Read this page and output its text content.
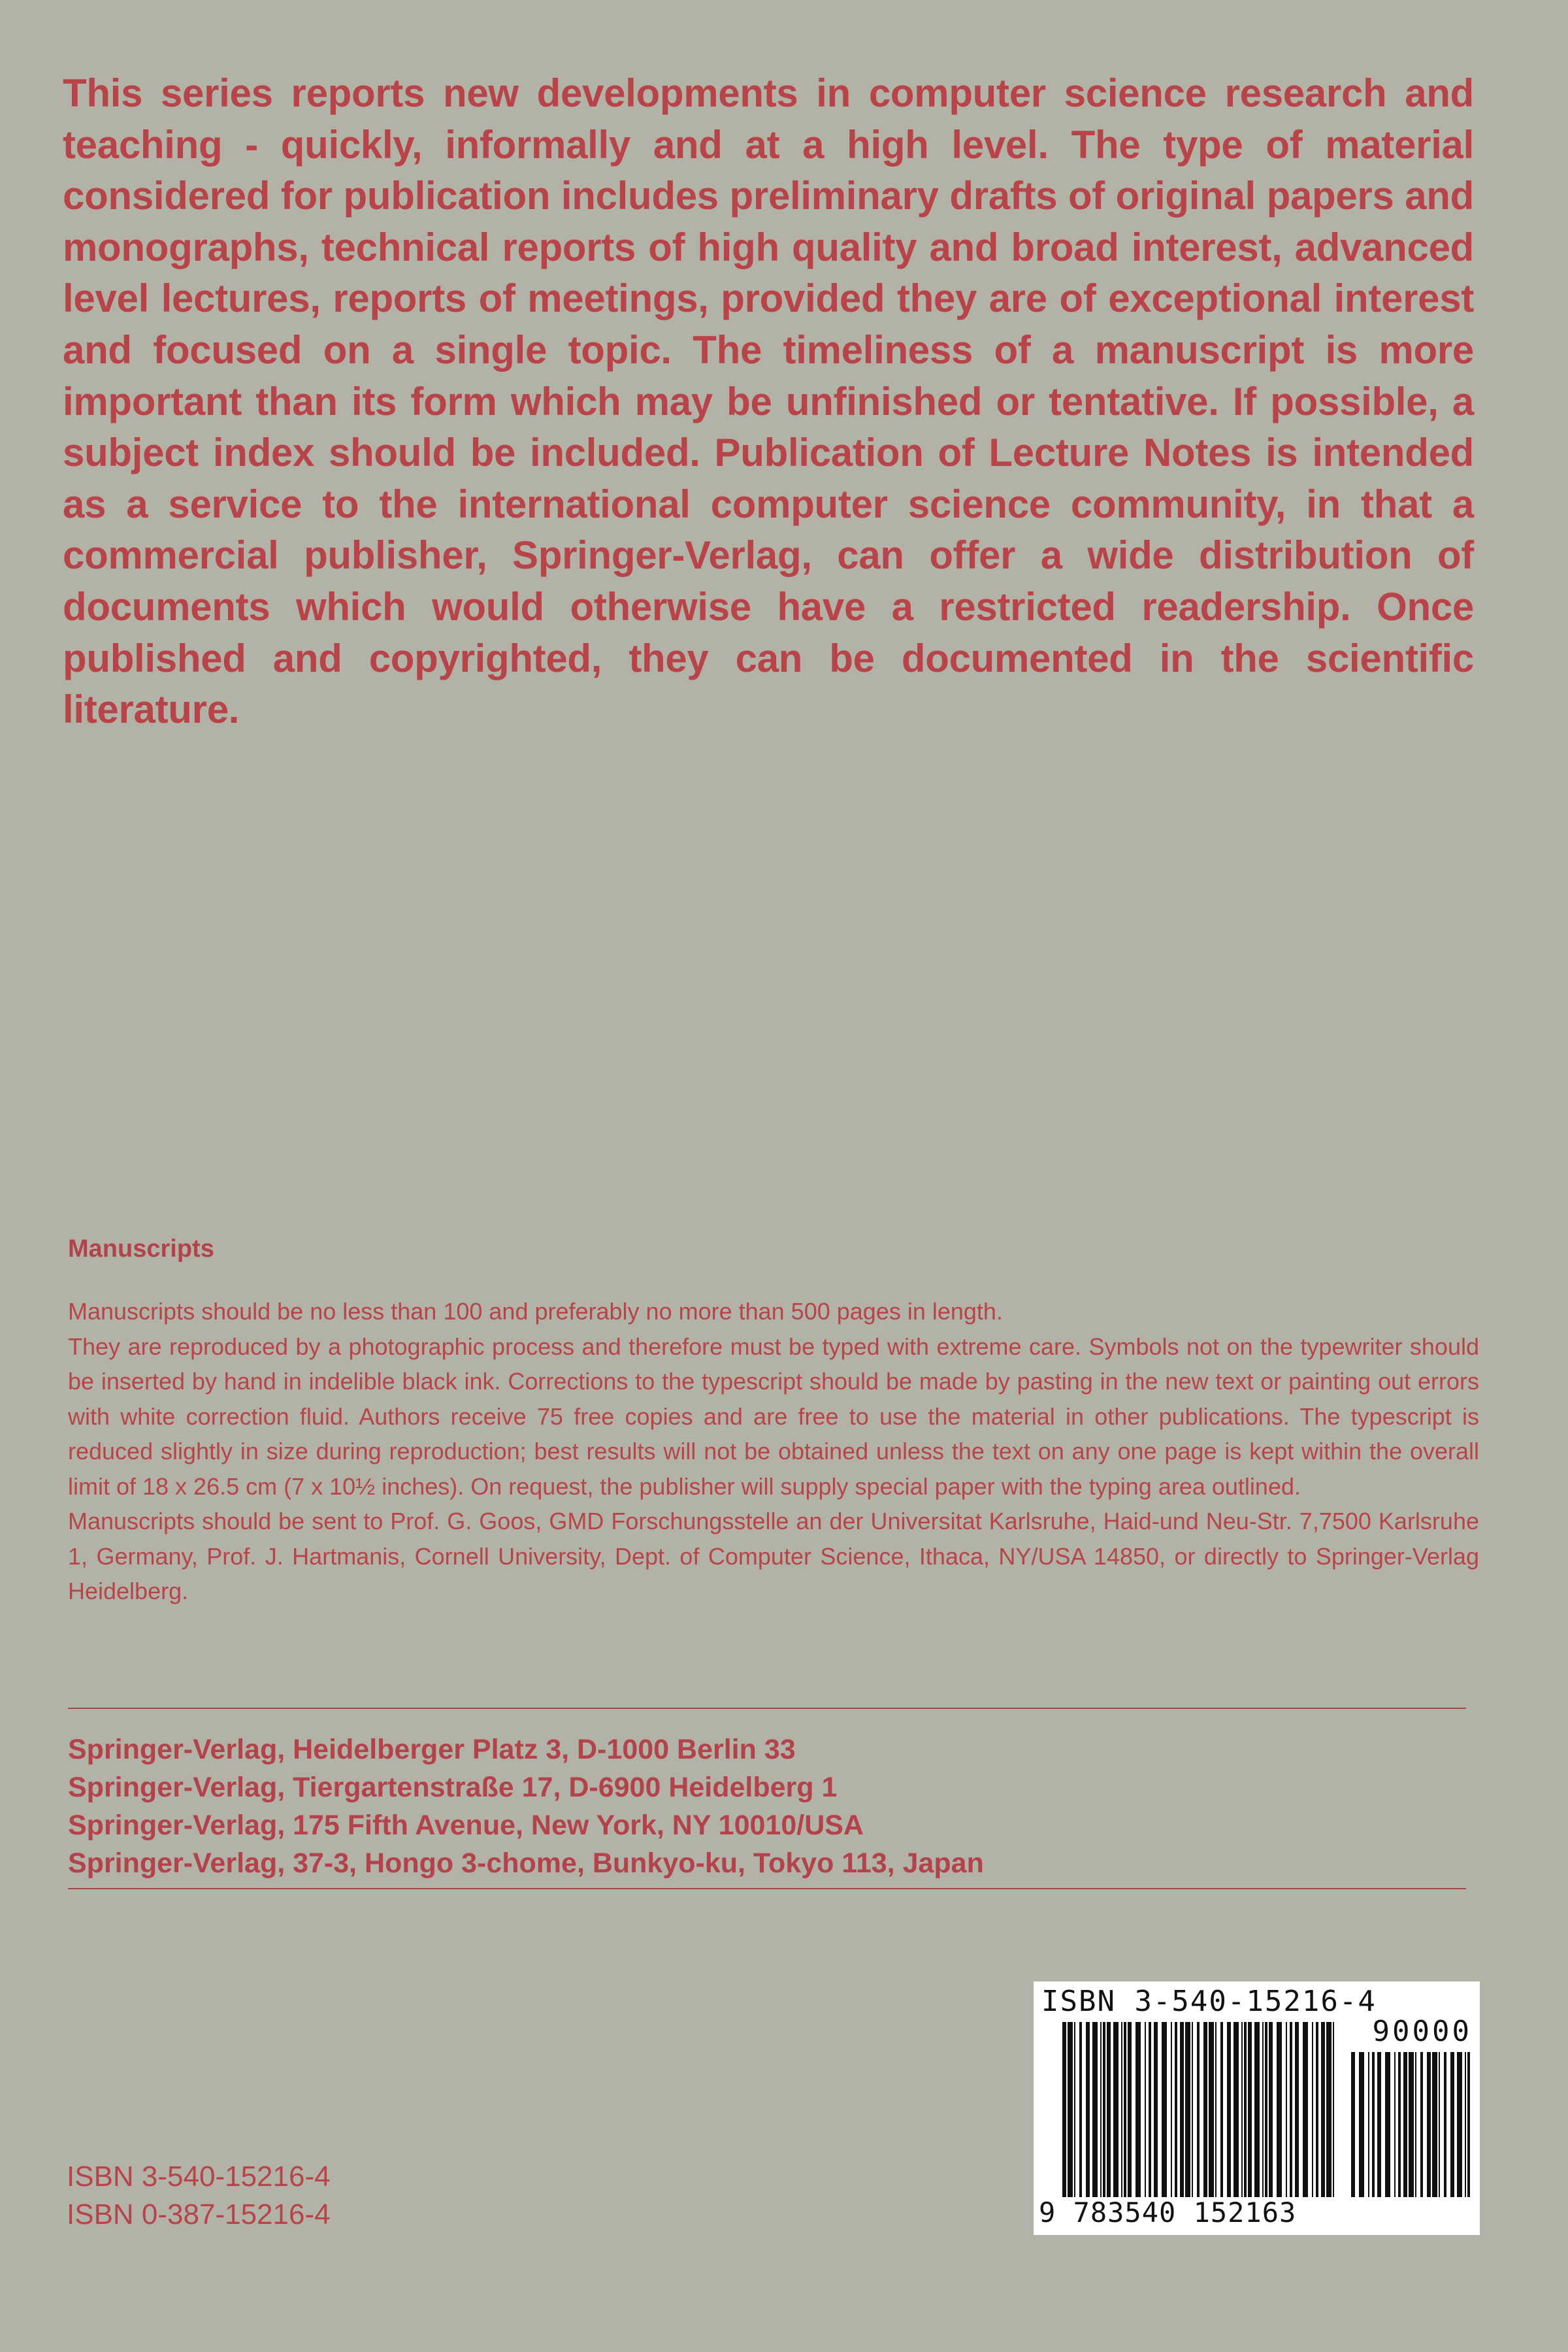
This series reports new developments in computer science research and teaching - quickly, informally and at a high level. The type of material considered for publication includes preliminary drafts of original papers and monographs, technical reports of high quality and broad interest, advanced level lectures, reports of meetings, provided they are of exceptional interest and focused on a single topic. The timeliness of a manuscript is more important than its form which may be unfinished or tentative. If possible, a subject index should be included. Publication of Lecture Notes is intended as a service to the international computer science community, in that a commercial publisher, Springer-Verlag, can offer a wide distribution of documents which would otherwise have a restricted readership. Once published and copyrighted, they can be documented in the scientific literature.

Manuscripts

Manuscripts should be no less than 100 and preferably no more than 500 pages in length.

They are reproduced by a photographic process and therefore must be typed with extreme care. Symbols not on the typewriter should be inserted by hand in indelible black ink. Corrections to the typescript should be made by pasting in the new text or painting out errors with white correction fluid. Authors receive 75 free copies and are free to use the material in other publications. The typescript is reduced slightly in size during reproduction; best results will not be obtained unless the text on any one page is kept within the overall limit of 18 x 26.5 cm (7 x 10½ inches). On request, the publisher will supply special paper with the typing area outlined.

Manuscripts should be sent to Prof. G. Goos, GMD Forschungsstelle an der Universitat Karlsruhe, Haid-und Neu-Str. 7,7500 Karlsruhe 1, Germany, Prof. J. Hartmanis, Cornell University, Dept. of Computer Science, Ithaca, NY/USA 14850, or directly to Springer-Verlag Heidelberg.

Springer-Verlag, Heidelberger Platz 3, D-1000 Berlin 33
Springer-Verlag, Tiergartenstraße 17, D-6900 Heidelberg 1
Springer-Verlag, 175 Fifth Avenue, New York, NY 10010/USA
Springer-Verlag, 37-3, Hongo 3-chome, Bunkyo-ku, Tokyo 113, Japan
ISBN 3-540-15216-4
ISBN 0-387-15216-4
ISBN 3-540-15216-4
90000
9 783540 152163
